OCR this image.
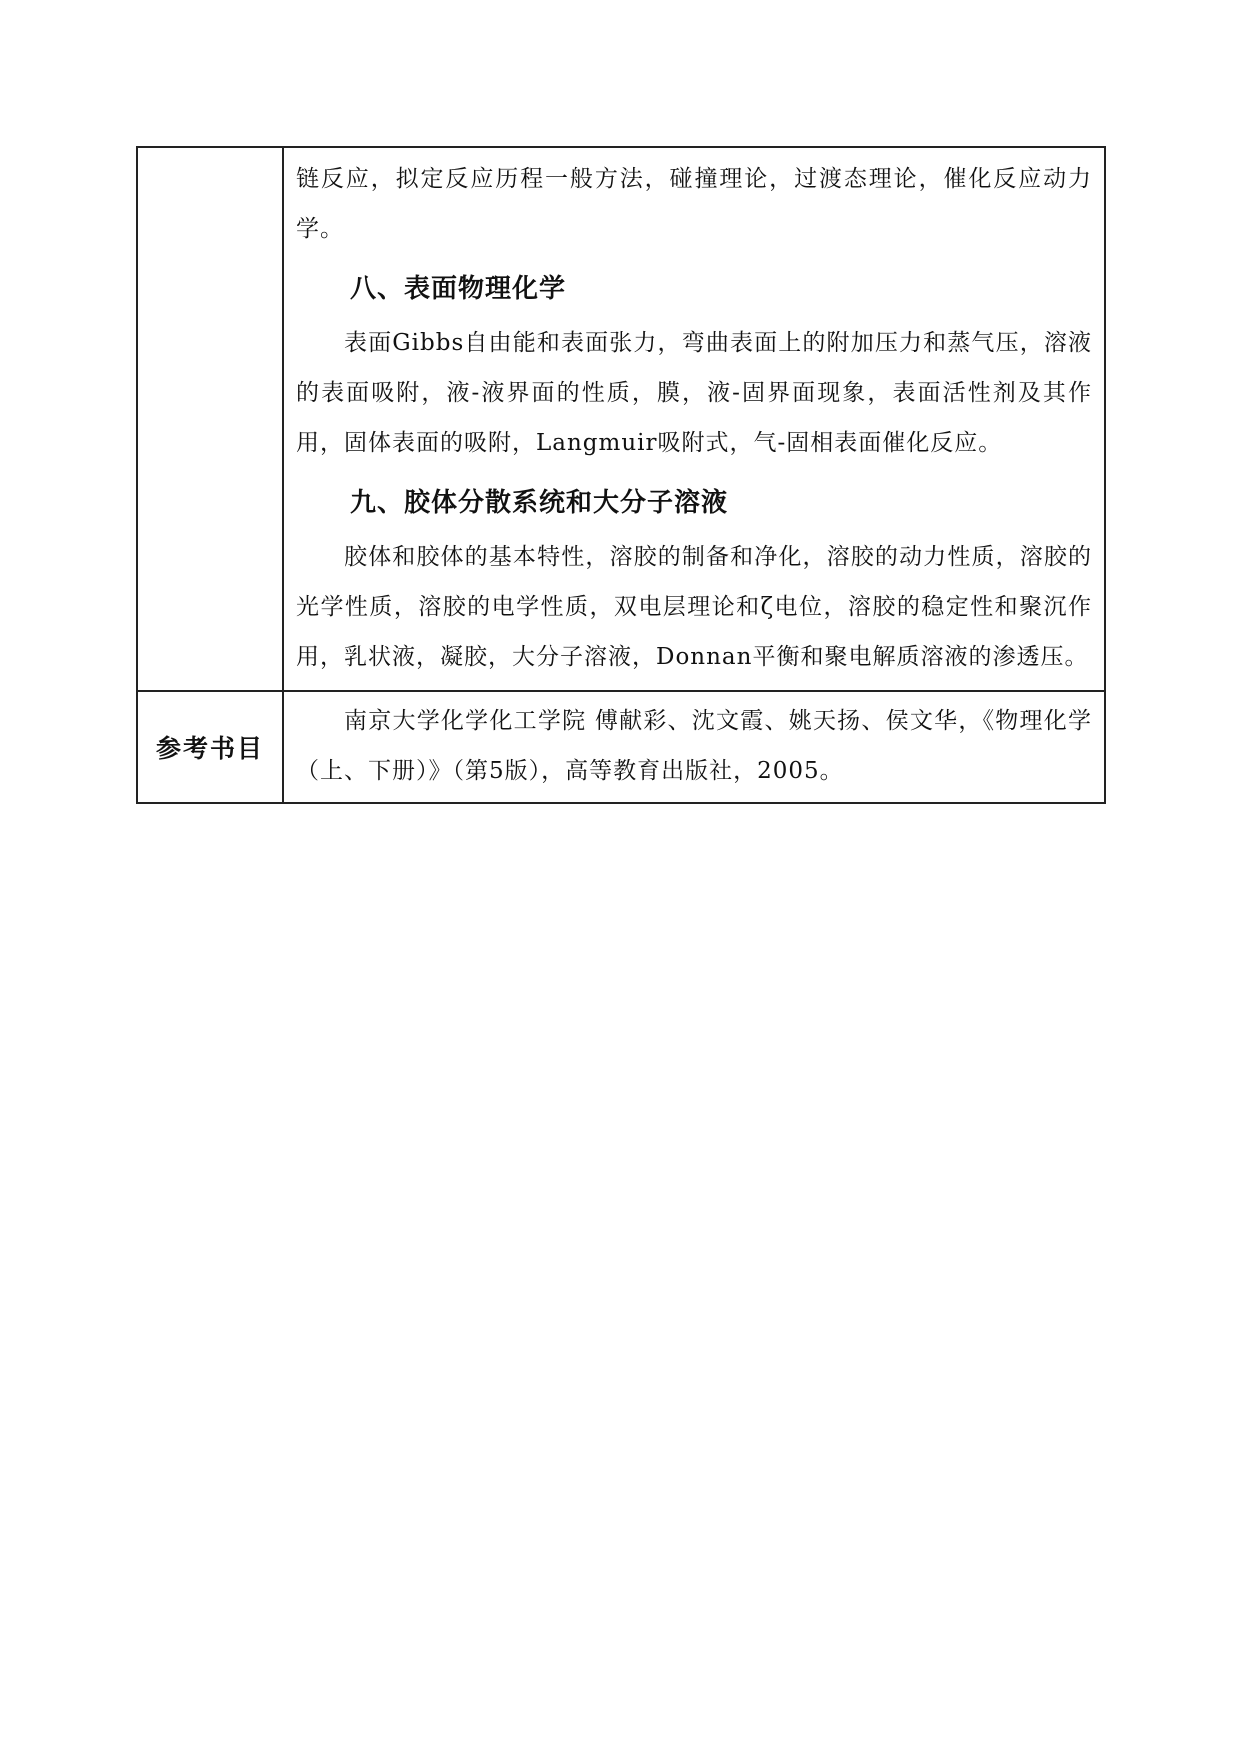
	链反应，拟定反应历程一般方法，碰撞理论，过渡态理论，催化反应动力学。

八、表面物理化学

表面Gibbs自由能和表面张力，弯曲表面上的附加压力和蒸气压，溶液的表面吸附，液-液界面的性质，膜，液-固界面现象，表面活性剂及其作用，固体表面的吸附，Langmuir吸附式，气-固相表面催化反应。

九、胶体分散系统和大分子溶液

胶体和胶体的基本特性，溶胶的制备和净化，溶胶的动力性质，溶胶的光学性质，溶胶的电学性质，双电层理论和ζ电位，溶胶的稳定性和聚沉作用，乳状液，凝胶，大分子溶液，Donnan平衡和聚电解质溶液的渗透压。

参考书目	南京大学化学化工学院 傅献彩、沈文霞、姚天扬、侯文华，《物理化学（上、下册）》（第5版），高等教育出版社，2005。
